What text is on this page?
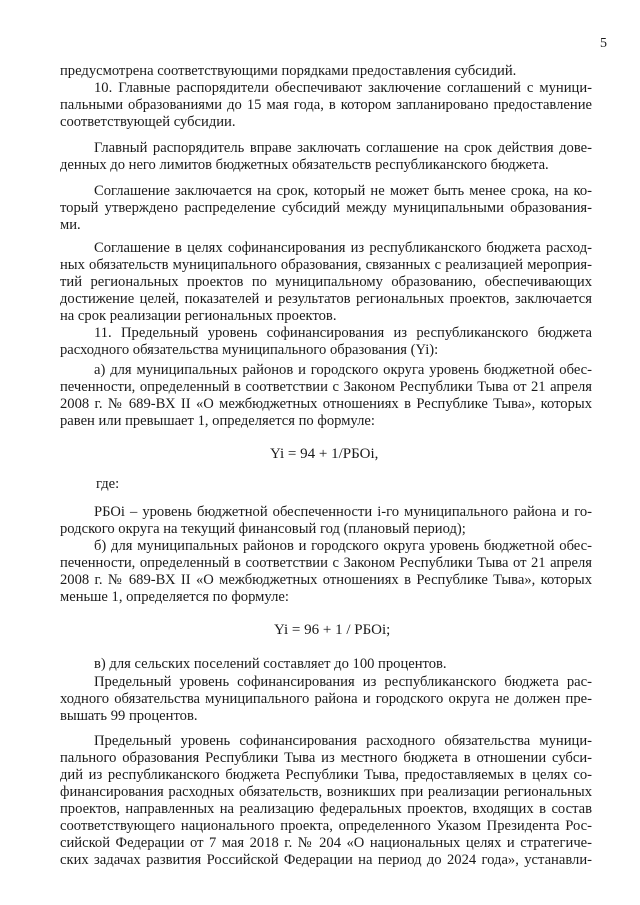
5
предусмотрена соответствующими порядками предоставления субсидий.
10. Главные распорядители обеспечивают заключение соглашений с муници-
пальными образованиями до 15 мая года, в котором запланировано предоставление
соответствующей субсидии.
Главный распорядитель вправе заключать соглашение на срок действия дове-
денных до него лимитов бюджетных обязательств республиканского бюджета.
Соглашение заключается на срок, который не может быть менее срока, на ко-
торый утверждено распределение субсидий между муниципальными образования-
ми.
Соглашение в целях софинансирования из республиканского бюджета расход-
ных обязательств муниципального образования, связанных с реализацией мероприя-
тий региональных проектов по муниципальному образованию, обеспечивающих
достижение целей, показателей и результатов региональных проектов, заключается
на срок реализации региональных проектов.
11. Предельный уровень софинансирования из республиканского бюджета
расходного обязательства муниципального образования (Yi):
а) для муниципальных районов и городского округа уровень бюджетной обес-
печенности, определенный в соответствии с Законом Республики Тыва от 21 апреля
2008 г. № 689-ВХ II «О межбюджетных отношениях в Республике Тыва», которых
равен или превышает 1, определяется по формуле:
Yi = 94 + 1/РБОi,
где:
РБОi – уровень бюджетной обеспеченности i-го муниципального района и го-
родского округа на текущий финансовый год (плановый период);
б) для муниципальных районов и городского округа уровень бюджетной обес-
печенности, определенный в соответствии с Законом Республики Тыва от 21 апреля
2008 г. № 689-ВХ II «О межбюджетных отношениях в Республике Тыва», которых
меньше 1, определяется по формуле:
Yi = 96 + 1 / РБОi;
в) для сельских поселений составляет до 100 процентов.
Предельный уровень софинансирования из республиканского бюджета рас-
ходного обязательства муниципального района и городского округа не должен пре-
вышать 99 процентов.
Предельный уровень софинансирования расходного обязательства муници-
пального образования Республики Тыва из местного бюджета в отношении субси-
дий из республиканского бюджета Республики Тыва, предоставляемых в целях со-
финансирования расходных обязательств, возникших при реализации региональных
проектов, направленных на реализацию федеральных проектов, входящих в состав
соответствующего национального проекта, определенного Указом Президента Рос-
сийской Федерации от 7 мая 2018 г. № 204 «О национальных целях и стратегиче-
ских задачах развития Российской Федерации на период до 2024 года», устанавли-
